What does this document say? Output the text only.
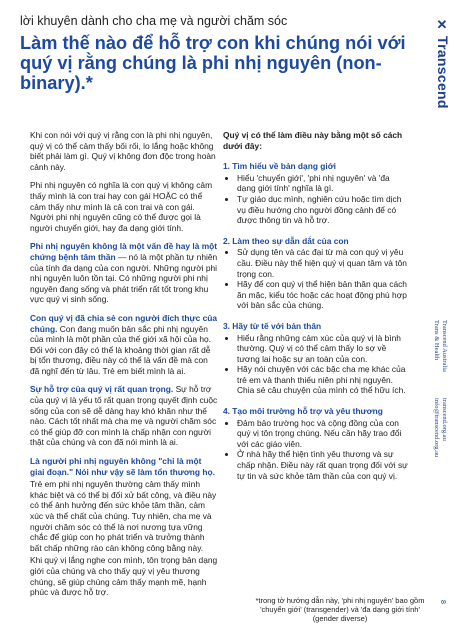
✕
Transcend
Transcend Australia
Trans & Health
transcend.org.au
info@transcend.org.au
8
lời khuyên dành cho cha mẹ và người chăm sóc
Làm thế nào để hỗ trợ con khi chúng nói với quý vị rằng chúng là phi nhị nguyên (non-binary).*

Khi con nói với quý vị rằng con là phi nhị nguyên, quý vị có thể cảm thấy bối rối, lo lắng hoặc không biết phải làm gì. Quý vị không đơn độc trong hoàn cảnh này.

Phi nhị nguyên có nghĩa là con quý vị không cảm thấy mình là con trai hay con gái HOẶC có thể cảm thấy như mình là cả con trai và con gái. Người phi nhị nguyên cũng có thể được gọi là người chuyển giới, hay đa dạng giới tính.

Phi nhị nguyên không là một vấn đề hay là một chứng bệnh tâm thần — nó là một phần tự nhiên của tính đa dạng của con người. Những người phi nhị nguyên luôn tồn tại. Có những người phi nhị nguyên đang sống và phát triển rất tốt trong khu vực quý vị sinh sống.

Con quý vị đã chia sẻ con người đích thực của chúng. Con đang muốn bản sắc phi nhị nguyên của mình là một phần của thế giới xã hội của họ. Đối với con đây có thể là khoảng thời gian rất dễ bị tổn thương, điều này có thể là vấn đề mà con đã nghĩ đến từ lâu. Trẻ em biết mình là ai.

Sự hỗ trợ của quý vị rất quan trọng. Sự hỗ trợ của quý vị là yếu tố rất quan trọng quyết định cuộc sống của con sẽ dễ dàng hay khó khăn như thế nào. Cách tốt nhất mà cha mẹ và người chăm sóc có thể giúp đỡ con mình là chấp nhận con người thật của chúng và con đã nói mình là ai.

Là người phi nhị nguyên không "chỉ là một giai đoạn." Nói như vậy sẽ làm tổn thương họ.

Trẻ em phi nhị nguyên thường cảm thấy mình khác biệt và có thể bị đối xử bất công, và điều này có thể ảnh hưởng đến sức khỏe tâm thần, cảm xúc và thể chất của chúng. Tuy nhiên, cha mẹ và người chăm sóc có thể là nơi nương tựa vững chắc để giúp con họ phát triển và trưởng thành bất chấp những rào cản không công bằng này.

Khi quý vị lắng nghe con mình, tôn trọng bản dạng giới của chúng và cho thấy quý vị yêu thương chúng, sẽ giúp chúng cảm thấy mạnh mẽ, hạnh phúc và được hỗ trợ.

Quý vị có thể làm điều này bằng một số cách dưới đây:

1. Tìm hiểu về bản dạng giới
• Hiểu 'chuyển giới', 'phi nhị nguyên' và 'đa dạng giới tính' nghĩa là gì.
• Tự giáo dục mình, nghiên cứu hoặc tìm dịch vụ điều hướng cho người đồng cảnh để có được thông tin và hỗ trợ.
2. Làm theo sự dẫn dắt của con
• Sử dụng tên và các đại từ mà con quý vị yêu cầu. Điều này thể hiện quý vị quan tâm và tôn trọng con.
• Hãy để con quý vị thể hiện bản thân qua cách ăn mặc, kiểu tóc hoặc các hoạt động phù hợp với bản sắc của chúng.
3. Hãy từ tế với bản thân
• Hiểu rằng những cảm xúc của quý vị là bình thường. Quý vị có thể cảm thấy lo sợ về tương lai hoặc sự an toàn của con.
• Hãy nói chuyện với các bậc cha mẹ khác của trẻ em và thanh thiếu niên phi nhị nguyên. Chia sẻ câu chuyện của mình có thể hữu ích.
4. Tạo môi trường hỗ trợ và yêu thương
• Đảm bảo trường học và cộng đồng của con quý vị tôn trọng chúng. Nếu cần hãy trao đổi với các giáo viên.
• Ở nhà hãy thể hiện tình yêu thương và sự chấp nhận. Điều này rất quan trọng đối với sự tự tin và sức khỏe tâm thần của con quý vị.
*trong tờ hướng dẫn này, 'phi nhị nguyên' bao gồm 'chuyển giới' (transgender) và 'đa dạng giới tính' (gender diverse)
